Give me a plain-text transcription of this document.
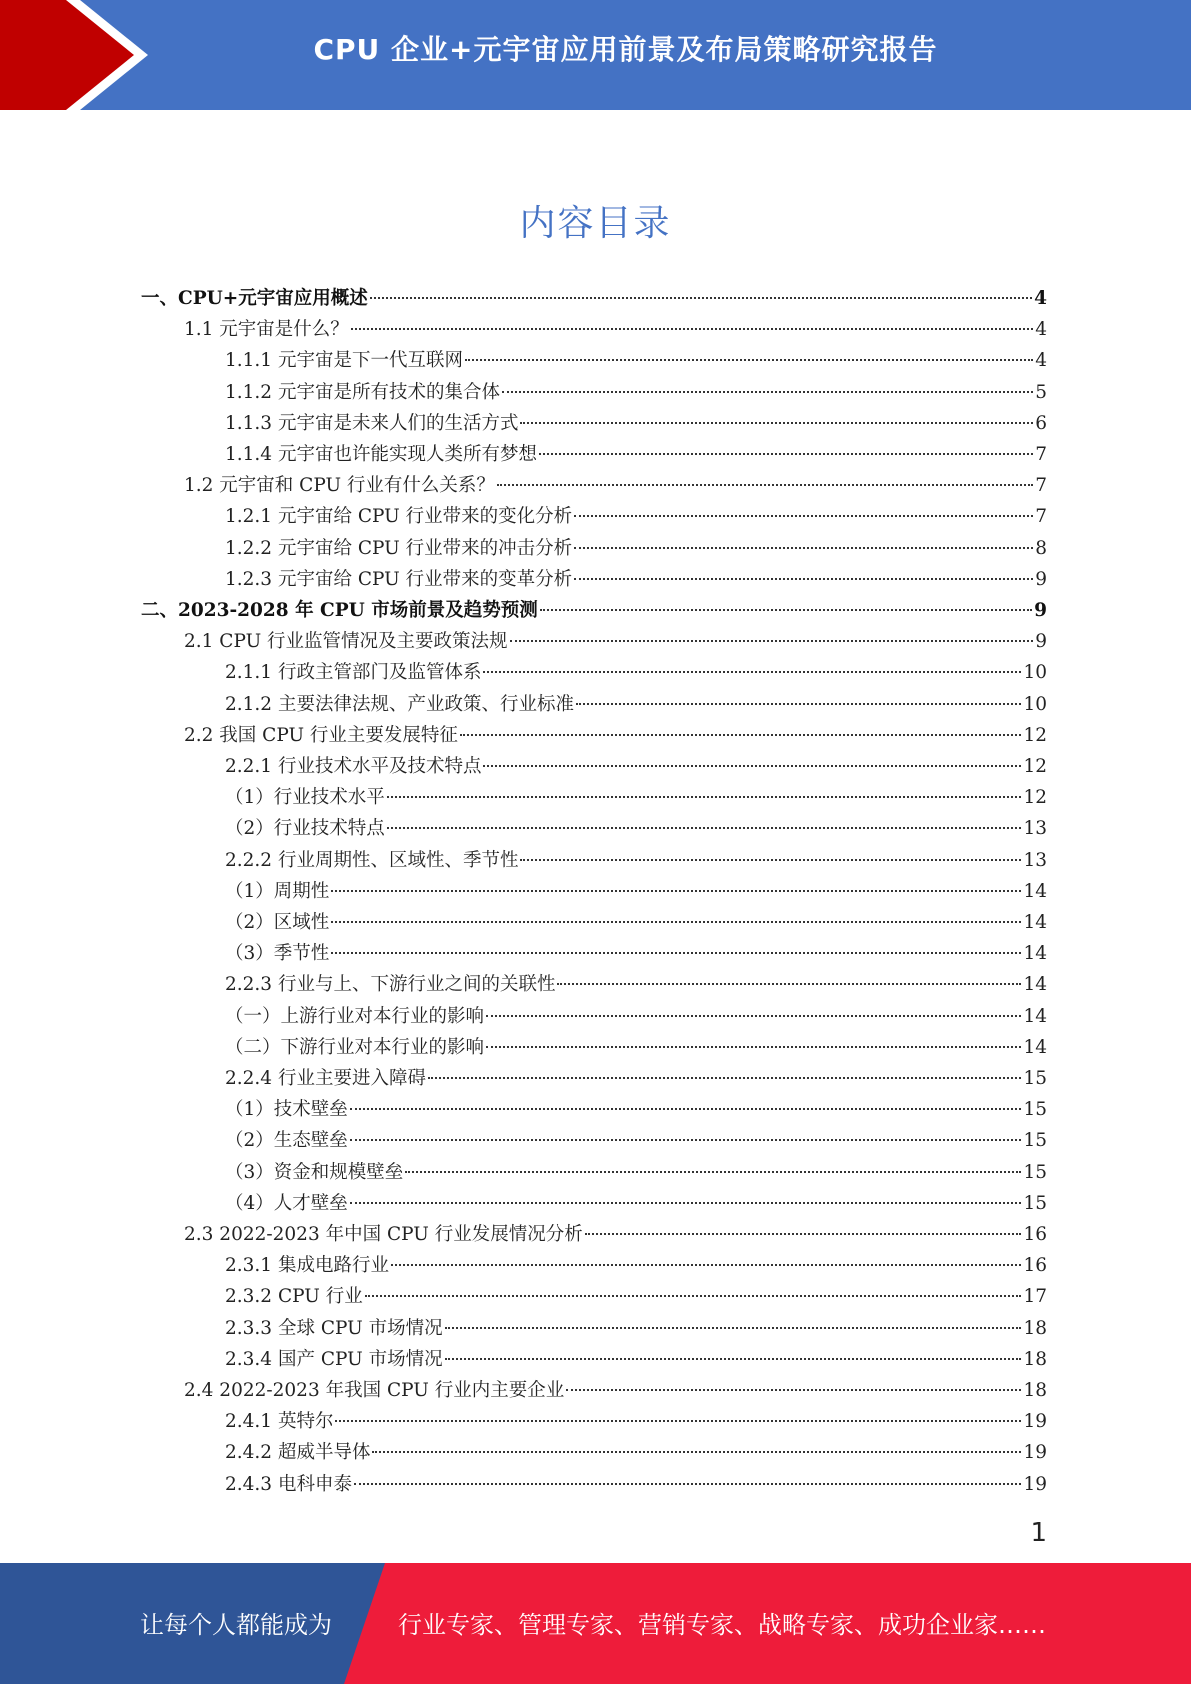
CPU 企业+元宇宙应用前景及布局策略研究报告
内容目录
一、CPU+元宇宙应用概述	4
1.1 元宇宙是什么？	4
1.1.1 元宇宙是下一代互联网	4
1.1.2 元宇宙是所有技术的集合体	5
1.1.3 元宇宙是未来人们的生活方式	6
1.1.4 元宇宙也许能实现人类所有梦想	7
1.2 元宇宙和 CPU 行业有什么关系？	7
1.2.1 元宇宙给 CPU 行业带来的变化分析	7
1.2.2 元宇宙给 CPU 行业带来的冲击分析	8
1.2.3 元宇宙给 CPU 行业带来的变革分析	9
二、2023-2028 年 CPU 市场前景及趋势预测	9
2.1 CPU 行业监管情况及主要政策法规	9
2.1.1 行政主管部门及监管体系	10
2.1.2 主要法律法规、产业政策、行业标准	10
2.2 我国 CPU 行业主要发展特征	12
2.2.1 行业技术水平及技术特点	12
（1）行业技术水平	12
（2）行业技术特点	13
2.2.2 行业周期性、区域性、季节性	13
（1）周期性	14
（2）区域性	14
（3）季节性	14
2.2.3 行业与上、下游行业之间的关联性	14
（一）上游行业对本行业的影响	14
（二）下游行业对本行业的影响	14
2.2.4 行业主要进入障碍	15
（1）技术壁垒	15
（2）生态壁垒	15
（3）资金和规模壁垒	15
（4）人才壁垒	15
2.3 2022-2023 年中国 CPU 行业发展情况分析	16
2.3.1 集成电路行业	16
2.3.2 CPU 行业	17
2.3.3 全球 CPU 市场情况	18
2.3.4 国产 CPU 市场情况	18
2.4 2022-2023 年我国 CPU 行业内主要企业	18
2.4.1 英特尔	19
2.4.2 超威半导体	19
2.4.3 电科申泰	19
1
让每个人都能成为	行业专家、管理专家、营销专家、战略专家、成功企业家……
